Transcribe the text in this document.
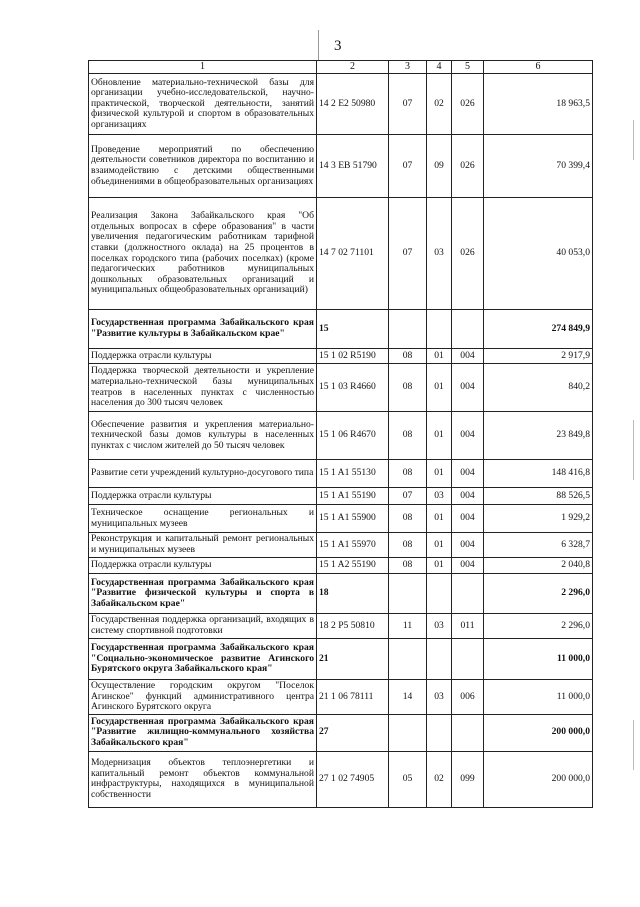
3
1	2	3	4	5	6
Обновление материально-технической базы для организации учебно-исследовательской, научно-практической, творческой деятельности, занятий физической культурой и спортом в образовательных организациях	14 2 E2 50980	07	02	026	18 963,5
Проведение мероприятий по обеспечению деятельности советников директора по воспитанию и взаимодействию с детскими общественными объединениями в общеобразовательных организациях	14 3 EB 51790	07	09	026	70 399,4
Реализация Закона Забайкальского края "Об отдельных вопросах в сфере образования" в части увеличения педагогическим работникам тарифной ставки (должностного оклада) на 25 процентов в поселках городского типа (рабочих поселках) (кроме педагогических работников муниципальных дошкольных образовательных организаций и муниципальных общеобразовательных организаций)	14 7 02 71101	07	03	026	40 053,0
Государственная программа Забайкальского края "Развитие культуры в Забайкальском крае"	15				274 849,9
Поддержка отрасли культуры	15 1 02 R5190	08	01	004	2 917,9
Поддержка творческой деятельности и укрепление материально-технической базы муниципальных театров в населенных пунктах с численностью населения до 300 тысяч человек	15 1 03 R4660	08	01	004	840,2
Обеспечение развития и укрепления материально-технической базы домов культуры в населенных пунктах с числом жителей до 50 тысяч человек	15 1 06 R4670	08	01	004	23 849,8
Развитие сети учреждений культурно-досугового типа	15 1 A1 55130	08	01	004	148 416,8
Поддержка отрасли культуры	15 1 A1 55190	07	03	004	88 526,5
Техническое оснащение региональных и муниципальных музеев	15 1 A1 55900	08	01	004	1 929,2
Реконструкция и капитальный ремонт региональных и муниципальных музеев	15 1 A1 55970	08	01	004	6 328,7
Поддержка отрасли культуры	15 1 A2 55190	08	01	004	2 040,8
Государственная программа Забайкальского края "Развитие физической культуры и спорта в Забайкальском крае"	18				2 296,0
Государственная поддержка организаций, входящих в систему спортивной подготовки	18 2 P5 50810	11	03	011	2 296,0
Государственная программа Забайкальского края "Социально-экономическое развитие Агинского Бурятского округа Забайкальского края"	21				11 000,0
Осуществление городским округом "Поселок Агинское" функций административного центра Агинского Бурятского округа	21 1 06 78111	14	03	006	11 000,0
Государственная программа Забайкальского края "Развитие жилищно-коммунального хозяйства Забайкальского края"	27				200 000,0
Модернизация объектов теплоэнергетики и капитальный ремонт объектов коммунальной инфраструктуры, находящихся в муниципальной собственности	27 1 02 74905	05	02	099	200 000,0
